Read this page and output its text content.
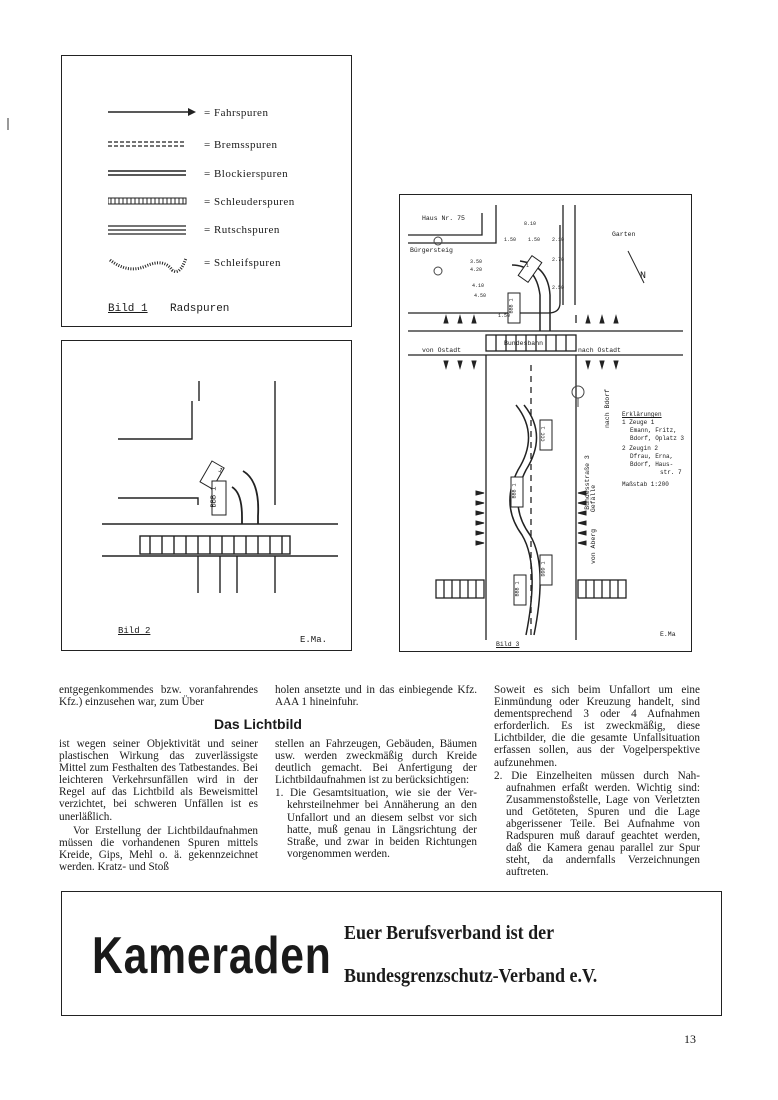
= Fahrspuren
= Bremsspuren
= Blockierspuren
= Schleuderspuren
= Rutschspuren
= Schleifspuren
Bild 1 Radspuren
1
BBB 1
Bild 2
E.Ma.
Haus Nr. 75
Bürgersteig
Garten
N
von Ostadt
Bundesbahn
nach Ostadt
nach Bdorf
Bundesstraße 3 Gefälle
von Aberg
Erklärungen
1 Zeuge 1
Emann, Fritz,
Bdorf, Oplatz 3
2 Zeugin 2
Dfrau, Erna,
Bdorf, Haus-
str. 7
Maßstab 1:200
8.10
1.50 1.50 2.10
3.50
4.20
4.10
2.70
4.50
2.50
1.50
1
BBB 1
CCC 1
BBB 1
DDD 1
BBB 1
Bild 3
E.Ma

entgegenkommendes bzw. voranfahrendes Kfz.) einzusehen war, zum Über

holen ansetzte und in das einbiegende Kfz. AAA 1 hineinfuhr.

Das Lichtbild

ist wegen seiner Objektivität und seiner plastischen Wirkung das zuverlässigste Mittel zum Festhalten des Tatbestandes. Bei leichteren Verkehrsunfällen wird in der Regel auf das Lichtbild als Beweismittel verzichtet, bei schweren Unfällen ist es unerläßlich.

Vor Erstellung der Lichtbildaufnahmen müssen die vorhandenen Spuren mittels Kreide, Gips, Mehl o. ä. gekennzeichnet werden. Kratz- und Stoß

stellen an Fahrzeugen, Gebäuden, Bäumen usw. werden zweckmäßig durch Kreide deutlich gemacht. Bei Anfertigung der Lichtbildaufnahmen ist zu berücksichtigen:

1. Die Gesamtsituation, wie sie der Verkehrsteilnehmer bei Annäherung an den Unfallort und an diesem selbst vor sich hatte, muß genau in Längsrichtung der Straße, und zwar in beiden Richtungen vorgenommen werden.

Soweit es sich beim Unfallort um eine Einmündung oder Kreuzung handelt, sind dementsprechend 3 oder 4 Aufnahmen erforderlich. Es ist zweckmäßig, diese Lichtbilder, die die gesamte Unfallsituation erfassen sollen, aus der Vogelperspektive aufzunehmen.

2. Die Einzelheiten müssen durch Nahaufnahmen erfaßt werden. Wichtig sind: Zusammenstoßstelle, Lage von Verletzten und Getöteten, Spuren und die Lage abgerissener Teile. Bei Aufnahme von Radspuren muß darauf geachtet werden, daß die Kamera genau parallel zur Spur steht, da andernfalls Verzeichnungen auftreten.

Kameraden Euer Berufsverband ist der
Bundesgrenzschutz-Verband e.V.
13
